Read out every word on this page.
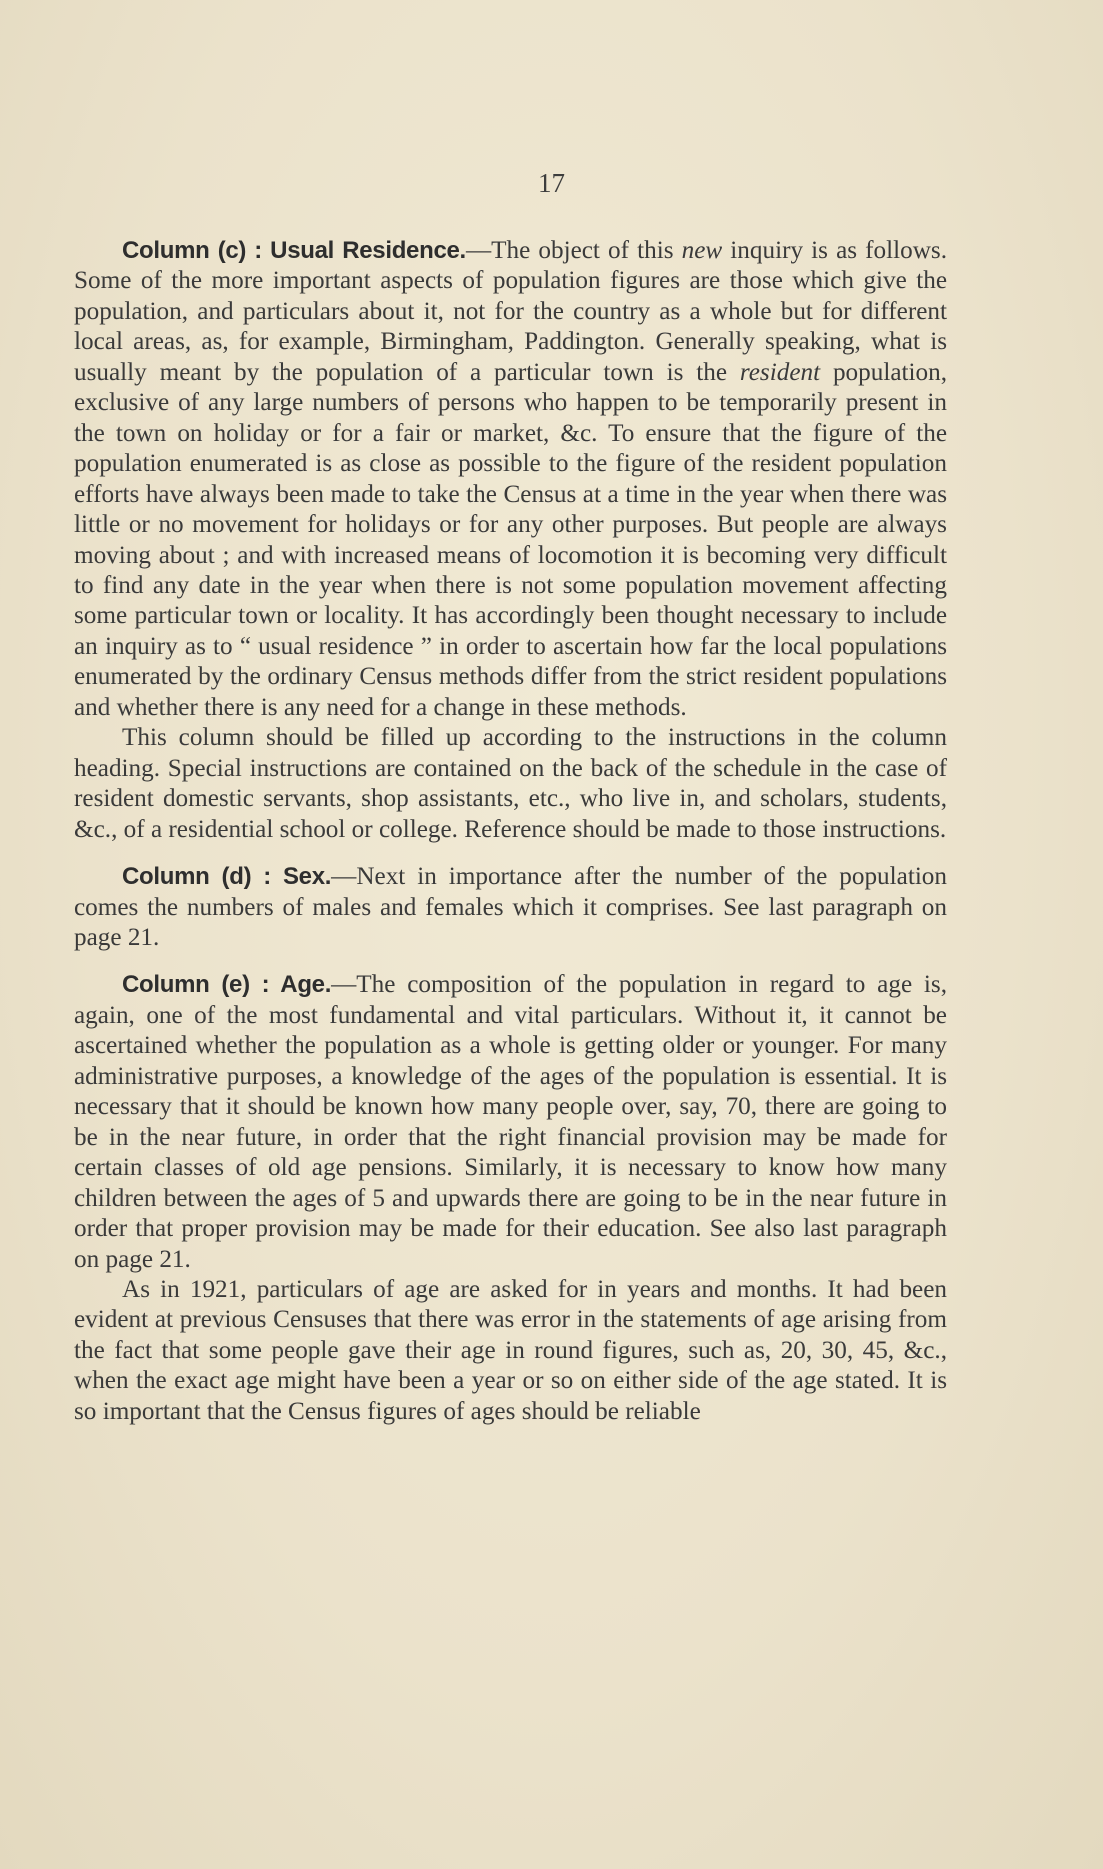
17

Column (c) : Usual Residence.—The object of this new inquiry is as follows. Some of the more important aspects of population figures are those which give the population, and particulars about it, not for the country as a whole but for different local areas, as, for example, Birmingham, Paddington. Generally speaking, what is usually meant by the population of a particular town is the resident population, exclusive of any large numbers of persons who happen to be temporarily present in the town on holiday or for a fair or market, &c. To ensure that the figure of the population enumerated is as close as possible to the figure of the resident population efforts have always been made to take the Census at a time in the year when there was little or no movement for holidays or for any other purposes. But people are always moving about ; and with increased means of locomotion it is becoming very difficult to find any date in the year when there is not some population movement affecting some particular town or locality. It has accordingly been thought necessary to include an inquiry as to “ usual residence ” in order to ascertain how far the local populations enumerated by the ordinary Census methods differ from the strict resident populations and whether there is any need for a change in these methods.

This column should be filled up according to the instructions in the column heading. Special instructions are contained on the back of the schedule in the case of resident domestic servants, shop assistants, etc., who live in, and scholars, students, &c., of a residential school or college. Reference should be made to those instructions.

Column (d) : Sex.—Next in importance after the number of the population comes the numbers of males and females which it comprises. See last paragraph on page 21.

Column (e) : Age.—The composition of the population in regard to age is, again, one of the most fundamental and vital particulars. Without it, it cannot be ascertained whether the population as a whole is getting older or younger. For many administrative purposes, a knowledge of the ages of the population is essential. It is necessary that it should be known how many people over, say, 70, there are going to be in the near future, in order that the right financial provision may be made for certain classes of old age pensions. Similarly, it is necessary to know how many children between the ages of 5 and upwards there are going to be in the near future in order that proper provision may be made for their education. See also last paragraph on page 21.

As in 1921, particulars of age are asked for in years and months. It had been evident at previous Censuses that there was error in the statements of age arising from the fact that some people gave their age in round figures, such as, 20, 30, 45, &c., when the exact age might have been a year or so on either side of the age stated. It is so important that the Census figures of ages should be reliable
